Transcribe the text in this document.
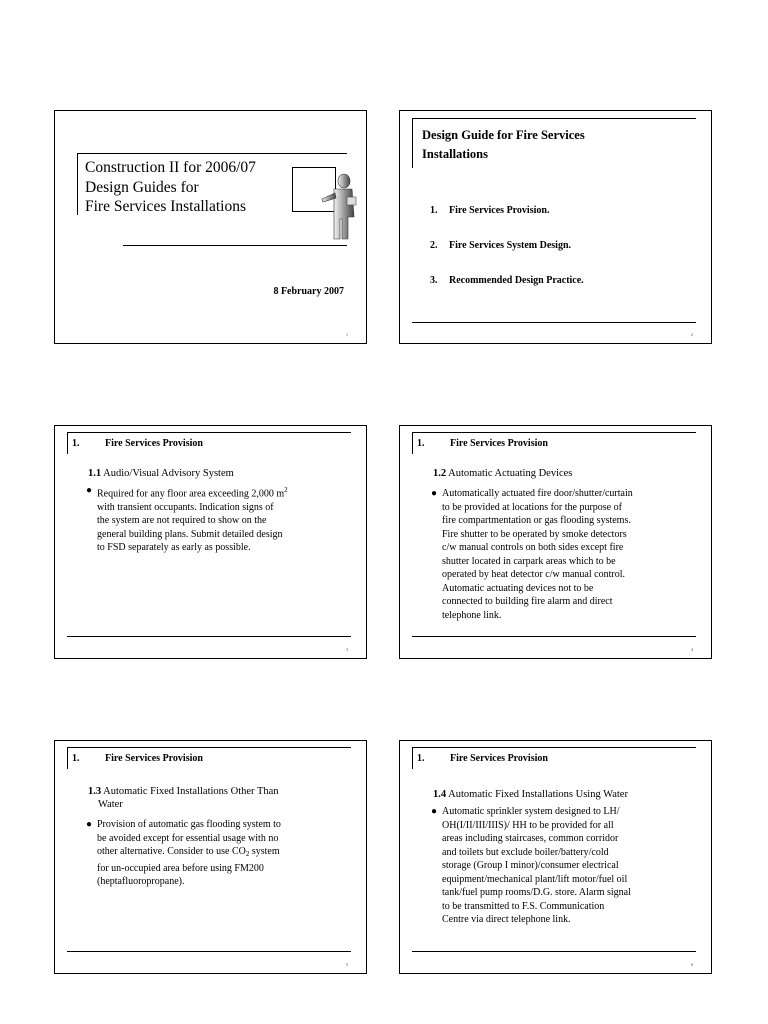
Construction II for 2006/07
Design Guides for
Fire Services Installations
8 February 2007
1
Design Guide for Fire Services
Installations
1. Fire Services Provision.
2. Fire Services System Design.
3. Recommended Design Practice.
2
1.	Fire Services Provision
1.1 Audio/Visual Advisory System
● Required for any floor area exceeding 2,000 $m^2$
with transient occupants. Indication signs of
the system are not required to show on the
general building plans. Submit detailed design
to FSD separately as early as possible.
3
1.	Fire Services Provision
1.2 Automatic Actuating Devices
● Automatically actuated fire door/shutter/curtain
to be provided at locations for the purpose of
fire compartmentation or gas flooding systems.
Fire shutter to be operated by smoke detectors
c/w manual controls on both sides except fire
shutter located in carpark areas which to be
operated by heat detector c/w manual control.
Automatic actuating devices not to be
connected to building fire alarm and direct
telephone link.
4
1.	Fire Services Provision
1.3 Automatic Fixed Installations Other Than
Water
● Provision of automatic gas flooding system to
be avoided except for essential usage with no
other alternative. Consider to use $CO_2$ system
for un-occupied area before using FM200
(heptafluoropropane).
5
1.	Fire Services Provision
1.4 Automatic Fixed Installations Using Water
● Automatic sprinkler system designed to LH/
OH(I/II/III/IIIS)/ HH to be provided for all
areas including staircases, common corridor
and toilets but exclude boiler/battery/cold
storage (Group I minor)/consumer electrical
equipment/mechanical plant/lift motor/fuel oil
tank/fuel pump rooms/D.G. store. Alarm signal
to be transmitted to F.S. Communication
Centre via direct telephone link.
6
